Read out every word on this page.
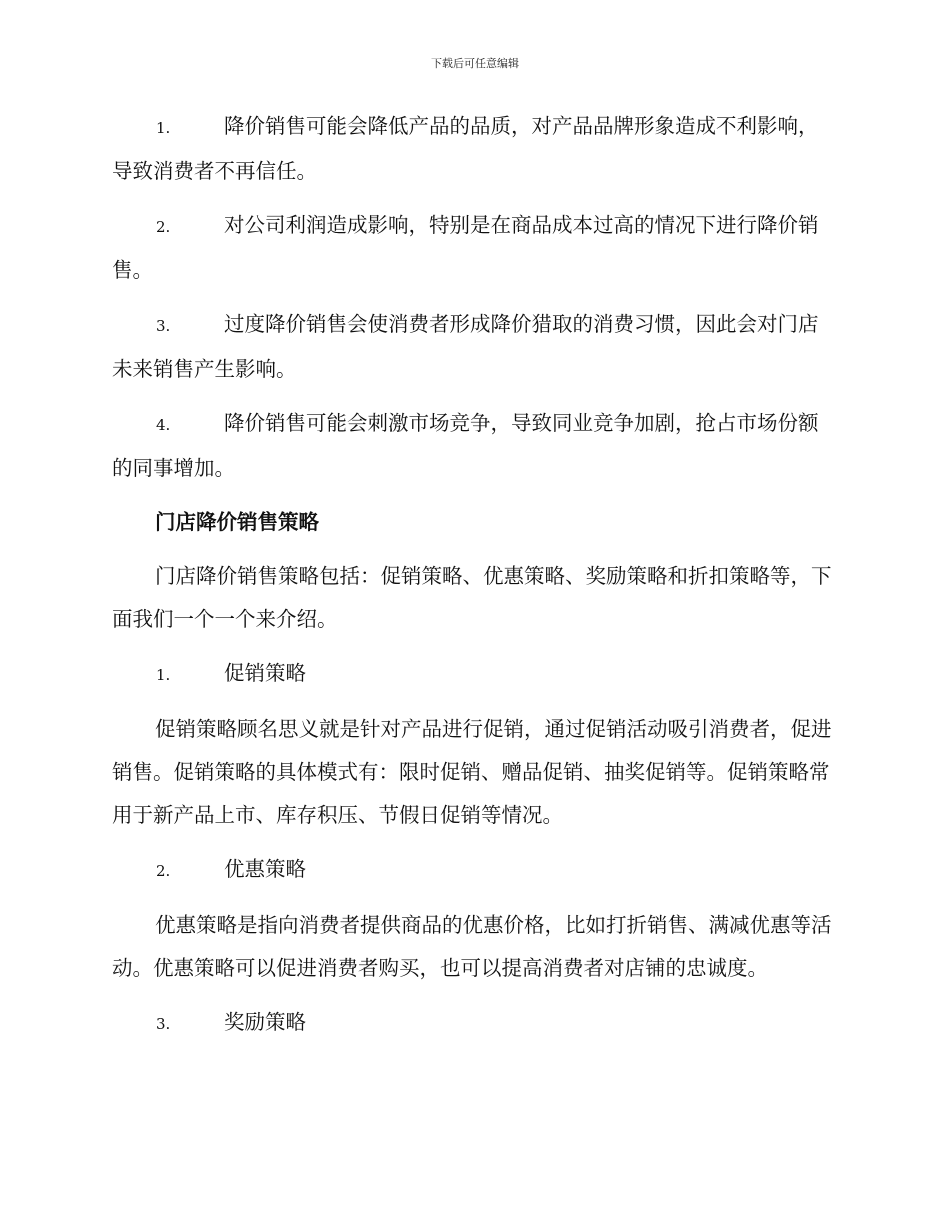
下载后可任意编辑
1.	降价销售可能会降低产品的品质，对产品品牌形象造成不利影响，导致消费者不再信任。
2.	对公司利润造成影响，特别是在商品成本过高的情况下进行降价销售。
3.	过度降价销售会使消费者形成降价猎取的消费习惯，因此会对门店未来销售产生影响。
4.	降价销售可能会刺激市场竞争，导致同业竞争加剧，抢占市场份额的同事增加。
门店降价销售策略
门店降价销售策略包括：促销策略、优惠策略、奖励策略和折扣策略等，下面我们一个一个来介绍。
1.	促销策略
促销策略顾名思义就是针对产品进行促销，通过促销活动吸引消费者，促进销售。促销策略的具体模式有：限时促销、赠品促销、抽奖促销等。促销策略常用于新产品上市、库存积压、节假日促销等情况。
2.	优惠策略
优惠策略是指向消费者提供商品的优惠价格，比如打折销售、满减优惠等活动。优惠策略可以促进消费者购买，也可以提高消费者对店铺的忠诚度。
3.	奖励策略
